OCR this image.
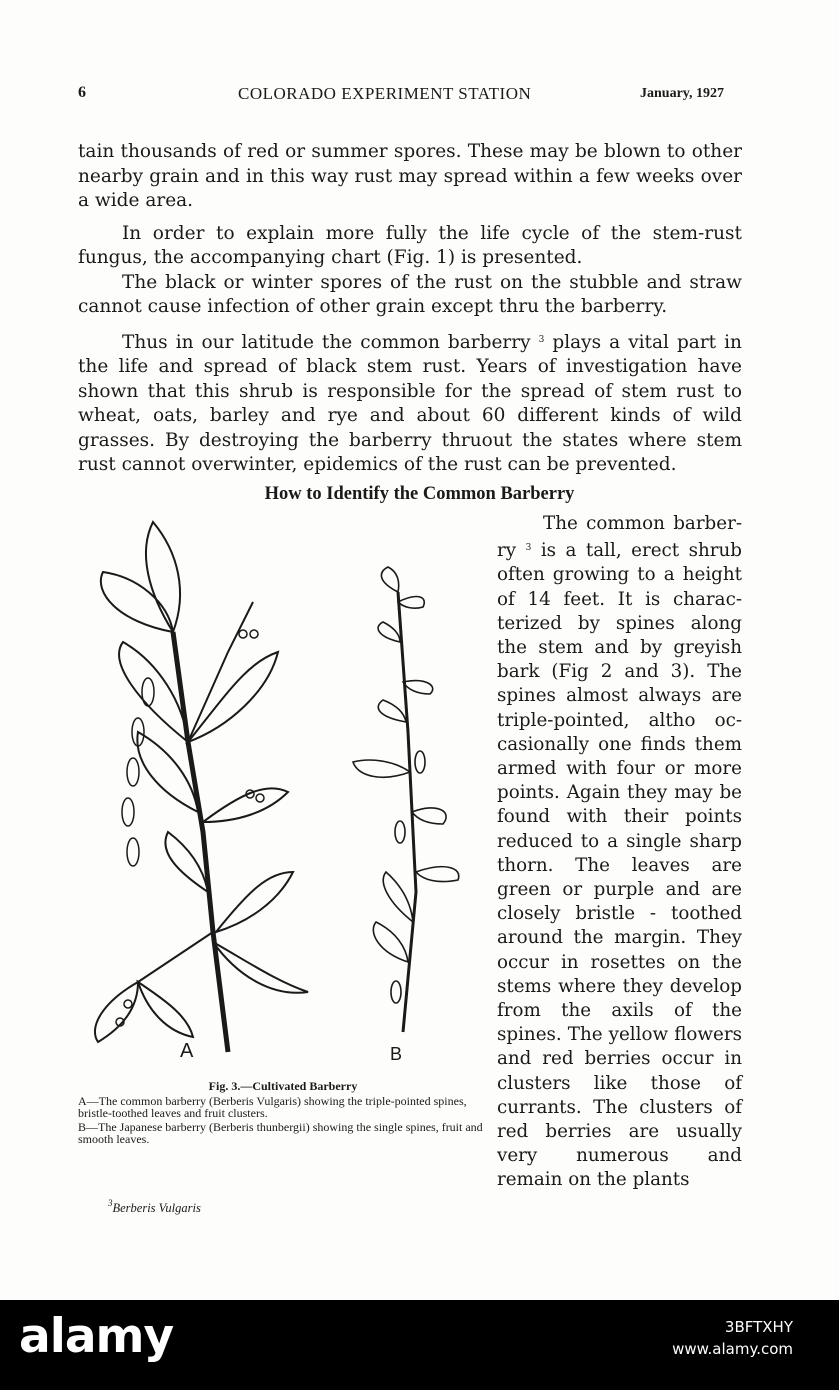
6	COLORADO EXPERIMENT STATION	January, 1927

tain thousands of red or summer spores. These may be blown to other nearby grain and in this way rust may spread within a few weeks over a wide area.

In order to explain more fully the life cycle of the stem-rust fungus, the accompanying chart (Fig. 1) is presented.

The black or winter spores of the rust on the stubble and straw cannot cause infection of other grain except thru the barberry.

Thus in our latitude the common barberry $^3$ plays a vital part in the life and spread of black stem rust. Years of investigation have shown that this shrub is responsible for the spread of stem rust to wheat, oats, barley and rye and about 60 different kinds of wild grasses. By destroying the barberry thruout the states where stem rust cannot overwinter, epidemics of the rust can be prevented.

How to Identify the Common Barberry
A	B
Fig. 3.—Cultivated Barberry

A—The common barberry (Berberis Vulgaris) showing the triple-pointed spines, bristle-toothed leaves and fruit clusters.

B—The Japanese barberry (Berberis thunbergii) showing the single spines, fruit and smooth leaves.

The common barber- ry $^3$ is a tall, erect shrub often growing to a height of 14 feet. It is charac- terized by spines along the stem and by greyish bark (Fig 2 and 3). The spines almost always are triple-pointed, altho oc- casionally one finds them armed with four or more points. Again they may be found with their points reduced to a single sharp thorn. The leaves are green or purple and are closely bristle - toothed around the margin. They occur in rosettes on the stems where they develop from the axils of the spines. The yellow flowers and red berries occur in clusters like those of currants. The clusters of red berries are usually very numerous and remain on the plants

$^3$Berberis Vulgaris
alamy	3BFTXHY
www.alamy.com
